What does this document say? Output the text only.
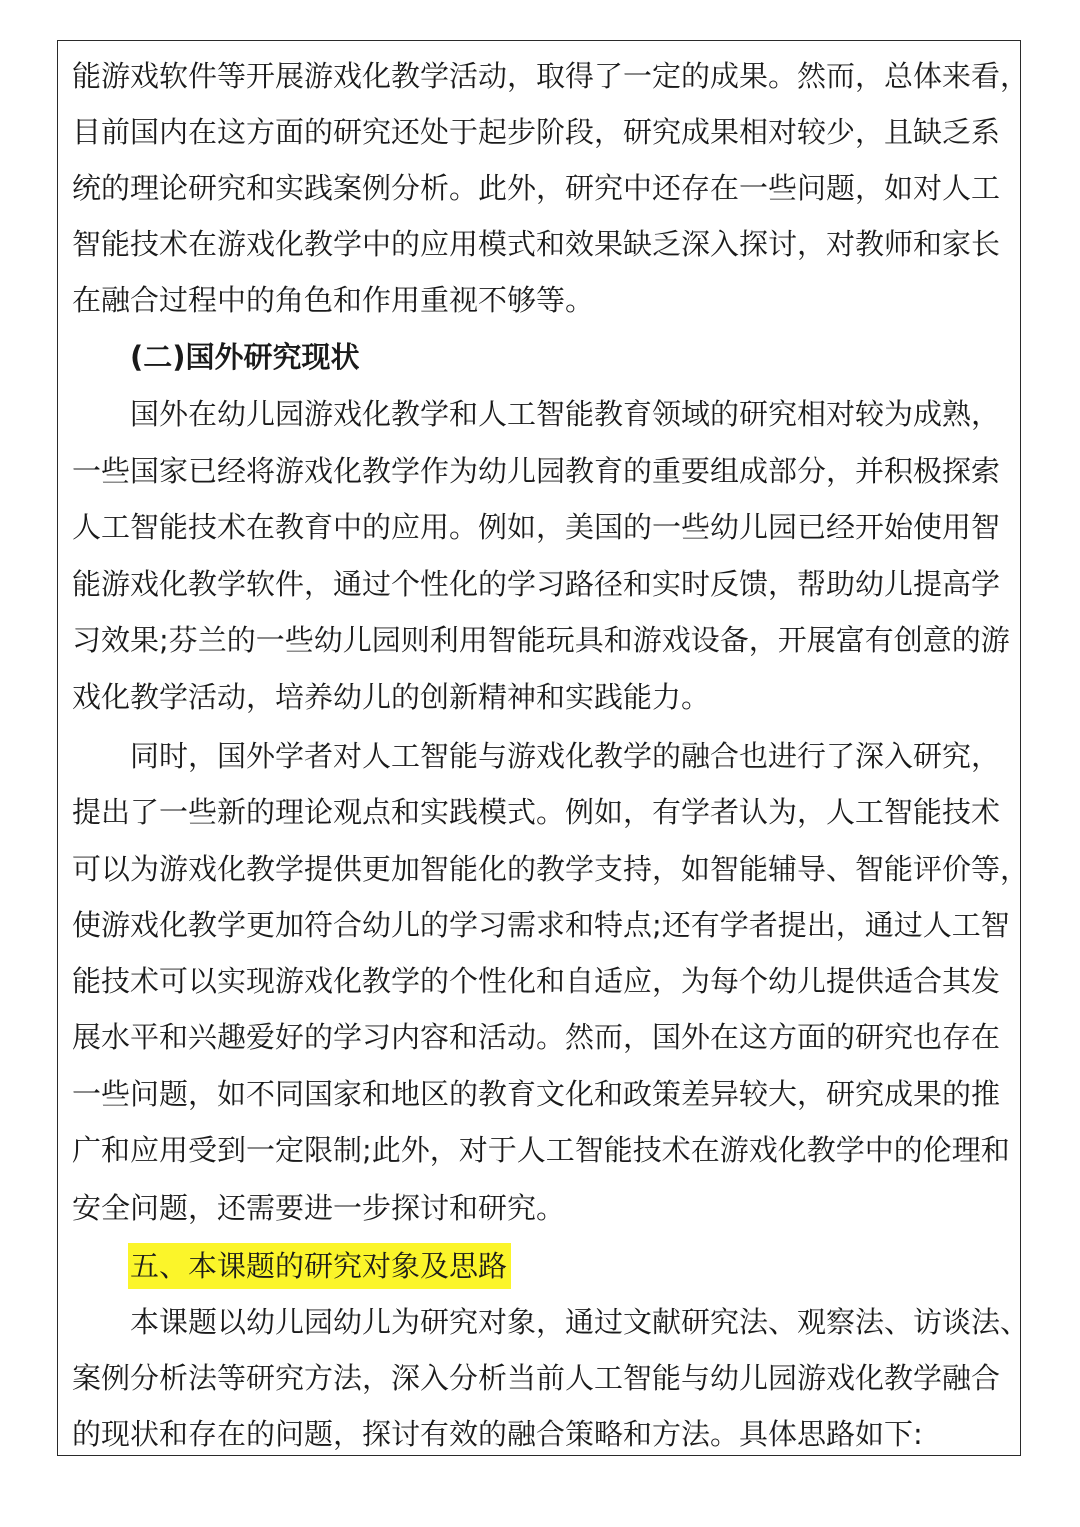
能游戏软件等开展游戏化教学活动，取得了一定的成果。然而，总体来看，
目前国内在这方面的研究还处于起步阶段，研究成果相对较少，且缺乏系
统的理论研究和实践案例分析。此外，研究中还存在一些问题，如对人工
智能技术在游戏化教学中的应用模式和效果缺乏深入探讨，对教师和家长
在融合过程中的角色和作用重视不够等。
(二)国外研究现状
国外在幼儿园游戏化教学和人工智能教育领域的研究相对较为成熟，
一些国家已经将游戏化教学作为幼儿园教育的重要组成部分，并积极探索
人工智能技术在教育中的应用。例如，美国的一些幼儿园已经开始使用智
能游戏化教学软件，通过个性化的学习路径和实时反馈，帮助幼儿提高学
习效果;芬兰的一些幼儿园则利用智能玩具和游戏设备，开展富有创意的游
戏化教学活动，培养幼儿的创新精神和实践能力。
同时，国外学者对人工智能与游戏化教学的融合也进行了深入研究，
提出了一些新的理论观点和实践模式。例如，有学者认为，人工智能技术
可以为游戏化教学提供更加智能化的教学支持，如智能辅导、智能评价等，
使游戏化教学更加符合幼儿的学习需求和特点;还有学者提出，通过人工智
能技术可以实现游戏化教学的个性化和自适应，为每个幼儿提供适合其发
展水平和兴趣爱好的学习内容和活动。然而，国外在这方面的研究也存在
一些问题，如不同国家和地区的教育文化和政策差异较大，研究成果的推
广和应用受到一定限制;此外，对于人工智能技术在游戏化教学中的伦理和
安全问题，还需要进一步探讨和研究。
五、本课题的研究对象及思路
本课题以幼儿园幼儿为研究对象，通过文献研究法、观察法、访谈法、
案例分析法等研究方法，深入分析当前人工智能与幼儿园游戏化教学融合
的现状和存在的问题，探讨有效的融合策略和方法。具体思路如下:
